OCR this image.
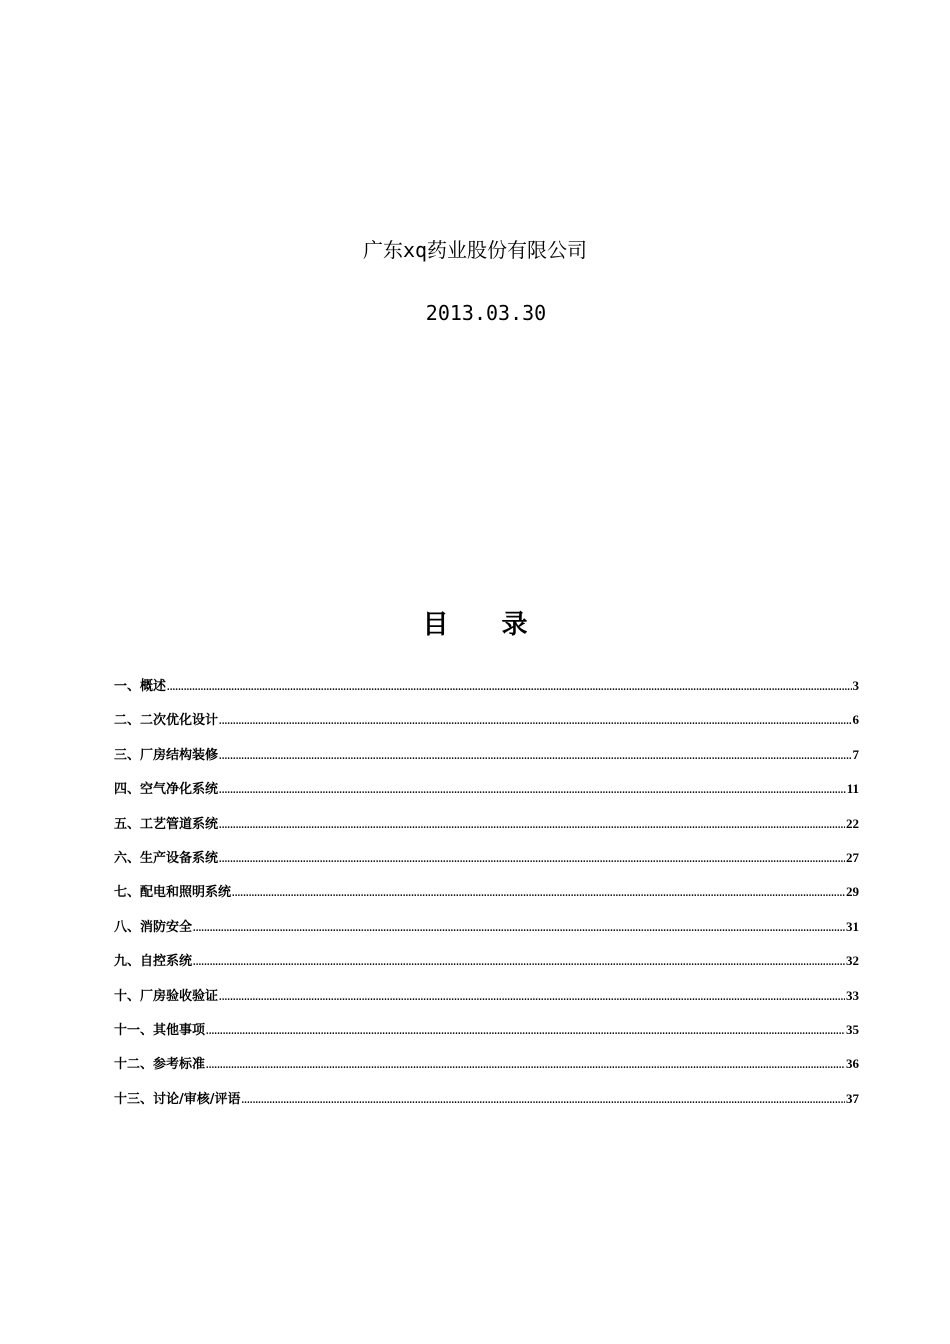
广东xq药业股份有限公司
2013.03.30
目 录
一、概述 .....	3
二、二次优化设计 .....	6
三、厂房结构装修 .....	7
四、空气净化系统 .....	11
五、工艺管道系统 .....	22
六、生产设备系统 .....	27
七、配电和照明系统 .....	29
八、消防安全 .....	31
九、自控系统 .....	32
十、厂房验收验证 .....	33
十一、其他事项 .....	35
十二、参考标准 .....	36
十三、讨论/审核/评语 .....	37
